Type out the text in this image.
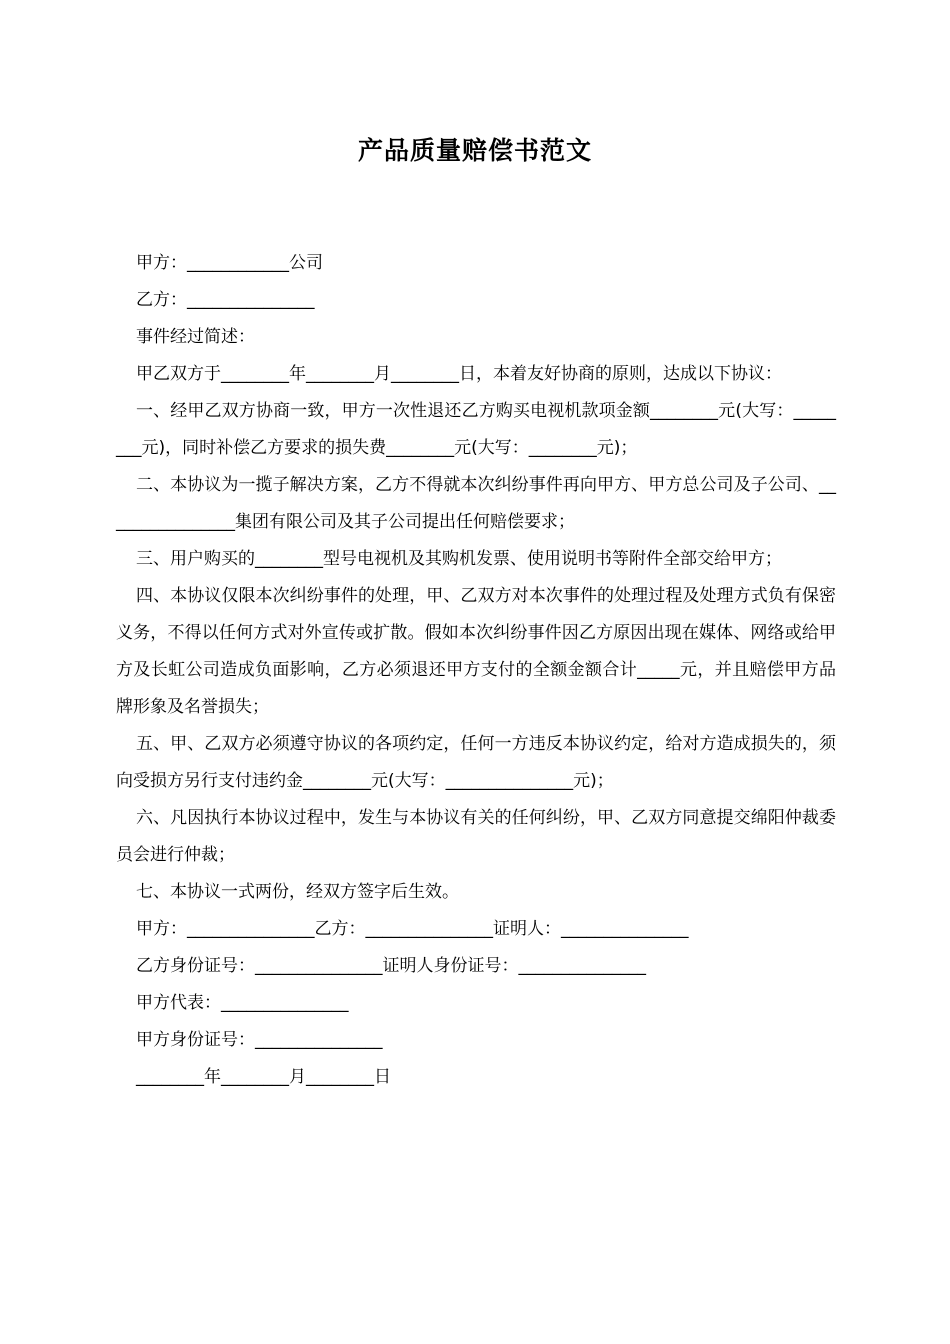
产品质量赔偿书范文

甲方：____________公司

乙方：_______________

事件经过简述：

甲乙双方于________年________月________日，本着友好协商的原则，达成以下协议：

一、经甲乙双方协商一致，甲方一次性退还乙方购买电视机款项金额________元(大写：________元)，同时补偿乙方要求的损失费________元(大写：________元)；

二、本协议为一揽子解决方案，乙方不得就本次纠纷事件再向甲方、甲方总公司及子公司、________________集团有限公司及其子公司提出任何赔偿要求；

三、用户购买的________型号电视机及其购机发票、使用说明书等附件全部交给甲方；

四、本协议仅限本次纠纷事件的处理，甲、乙双方对本次事件的处理过程及处理方式负有保密义务，不得以任何方式对外宣传或扩散。假如本次纠纷事件因乙方原因出现在媒体、网络或给甲方及长虹公司造成负面影响，乙方必须退还甲方支付的全额金额合计_____元，并且赔偿甲方品牌形象及名誉损失；

五、甲、乙双方必须遵守协议的各项约定，任何一方违反本协议约定，给对方造成损失的，须向受损方另行支付违约金________元(大写：_______________元)；

六、凡因执行本协议过程中，发生与本协议有关的任何纠纷，甲、乙双方同意提交绵阳仲裁委员会进行仲裁；

七、本协议一式两份，经双方签字后生效。

甲方：_______________乙方：_______________证明人：_______________

乙方身份证号：_______________证明人身份证号：_______________

甲方代表：_______________

甲方身份证号：_______________

________年________月________日
